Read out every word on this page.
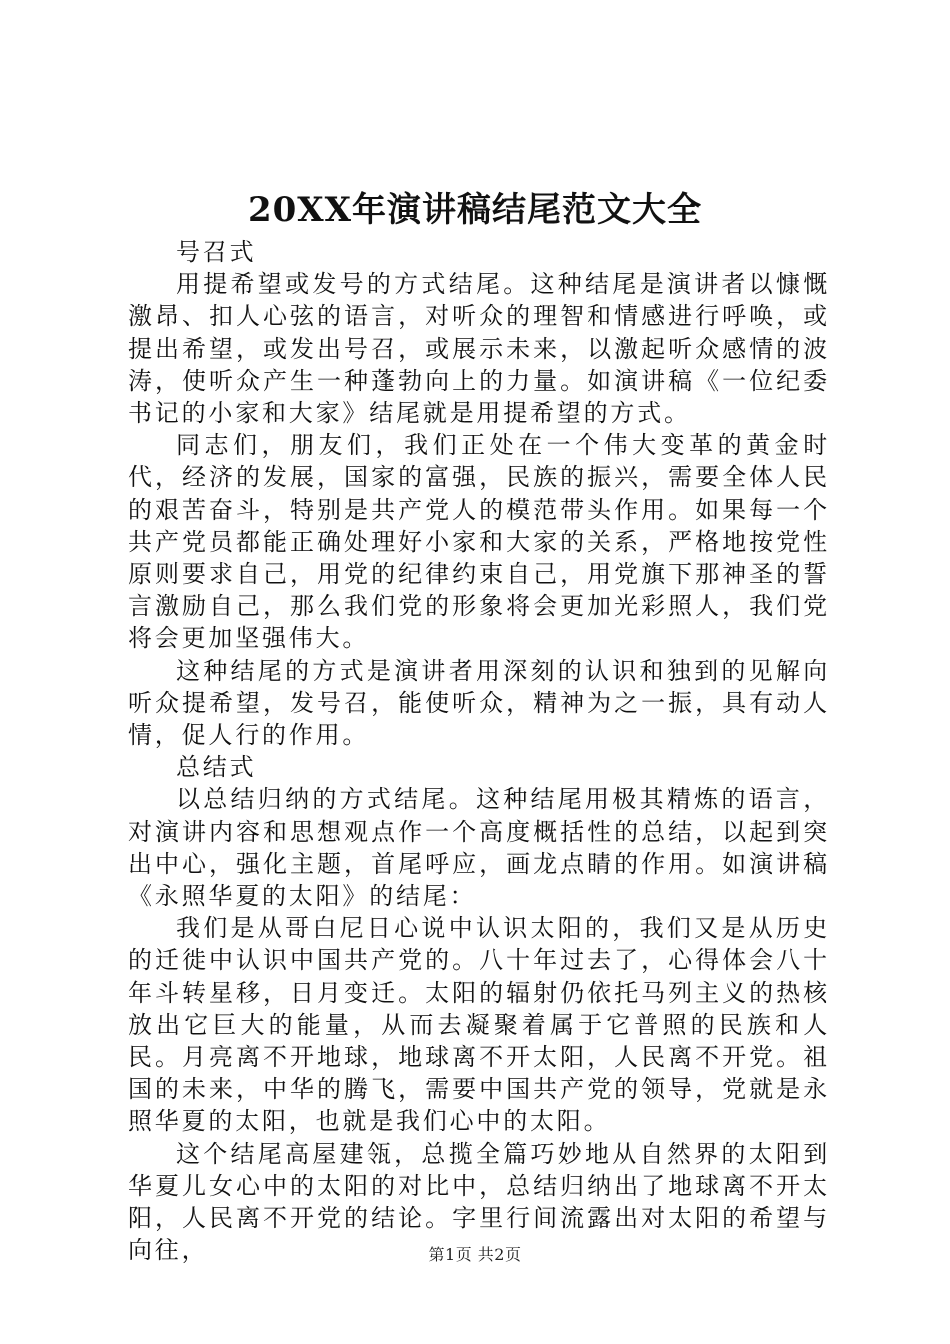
20XX年演讲稿结尾范文大全

号召式

用提希望或发号的方式结尾。这种结尾是演讲者以慷慨激昂、扣人心弦的语言，对听众的理智和情感进行呼唤，或提出希望，或发出号召，或展示未来，以激起听众感情的波涛，使听众产生一种蓬勃向上的力量。如演讲稿《一位纪委书记的小家和大家》结尾就是用提希望的方式。

同志们，朋友们，我们正处在一个伟大变革的黄金时代，经济的发展，国家的富强，民族的振兴，需要全体人民的艰苦奋斗，特别是共产党人的模范带头作用。如果每一个共产党员都能正确处理好小家和大家的关系，严格地按党性原则要求自己，用党的纪律约束自己，用党旗下那神圣的誓言激励自己，那么我们党的形象将会更加光彩照人，我们党将会更加坚强伟大。

这种结尾的方式是演讲者用深刻的认识和独到的见解向听众提希望，发号召，能使听众，精神为之一振，具有动人情，促人行的作用。

总结式

以总结归纳的方式结尾。这种结尾用极其精炼的语言，对演讲内容和思想观点作一个高度概括性的总结，以起到突出中心，强化主题，首尾呼应，画龙点睛的作用。如演讲稿《永照华夏的太阳》的结尾：

我们是从哥白尼日心说中认识太阳的，我们又是从历史的迁徙中认识中国共产党的。八十年过去了，心得体会八十年斗转星移，日月变迁。太阳的辐射仍依托马列主义的热核放出它巨大的能量，从而去凝聚着属于它普照的民族和人民。月亮离不开地球，地球离不开太阳，人民离不开党。祖国的未来，中华的腾飞，需要中国共产党的领导，党就是永照华夏的太阳，也就是我们心中的太阳。

这个结尾高屋建瓴，总揽全篇巧妙地从自然界的太阳到华夏儿女心中的太阳的对比中，总结归纳出了地球离不开太阳，人民离不开党的结论。字里行间流露出对太阳的希望与向往，	第1页 共2页
